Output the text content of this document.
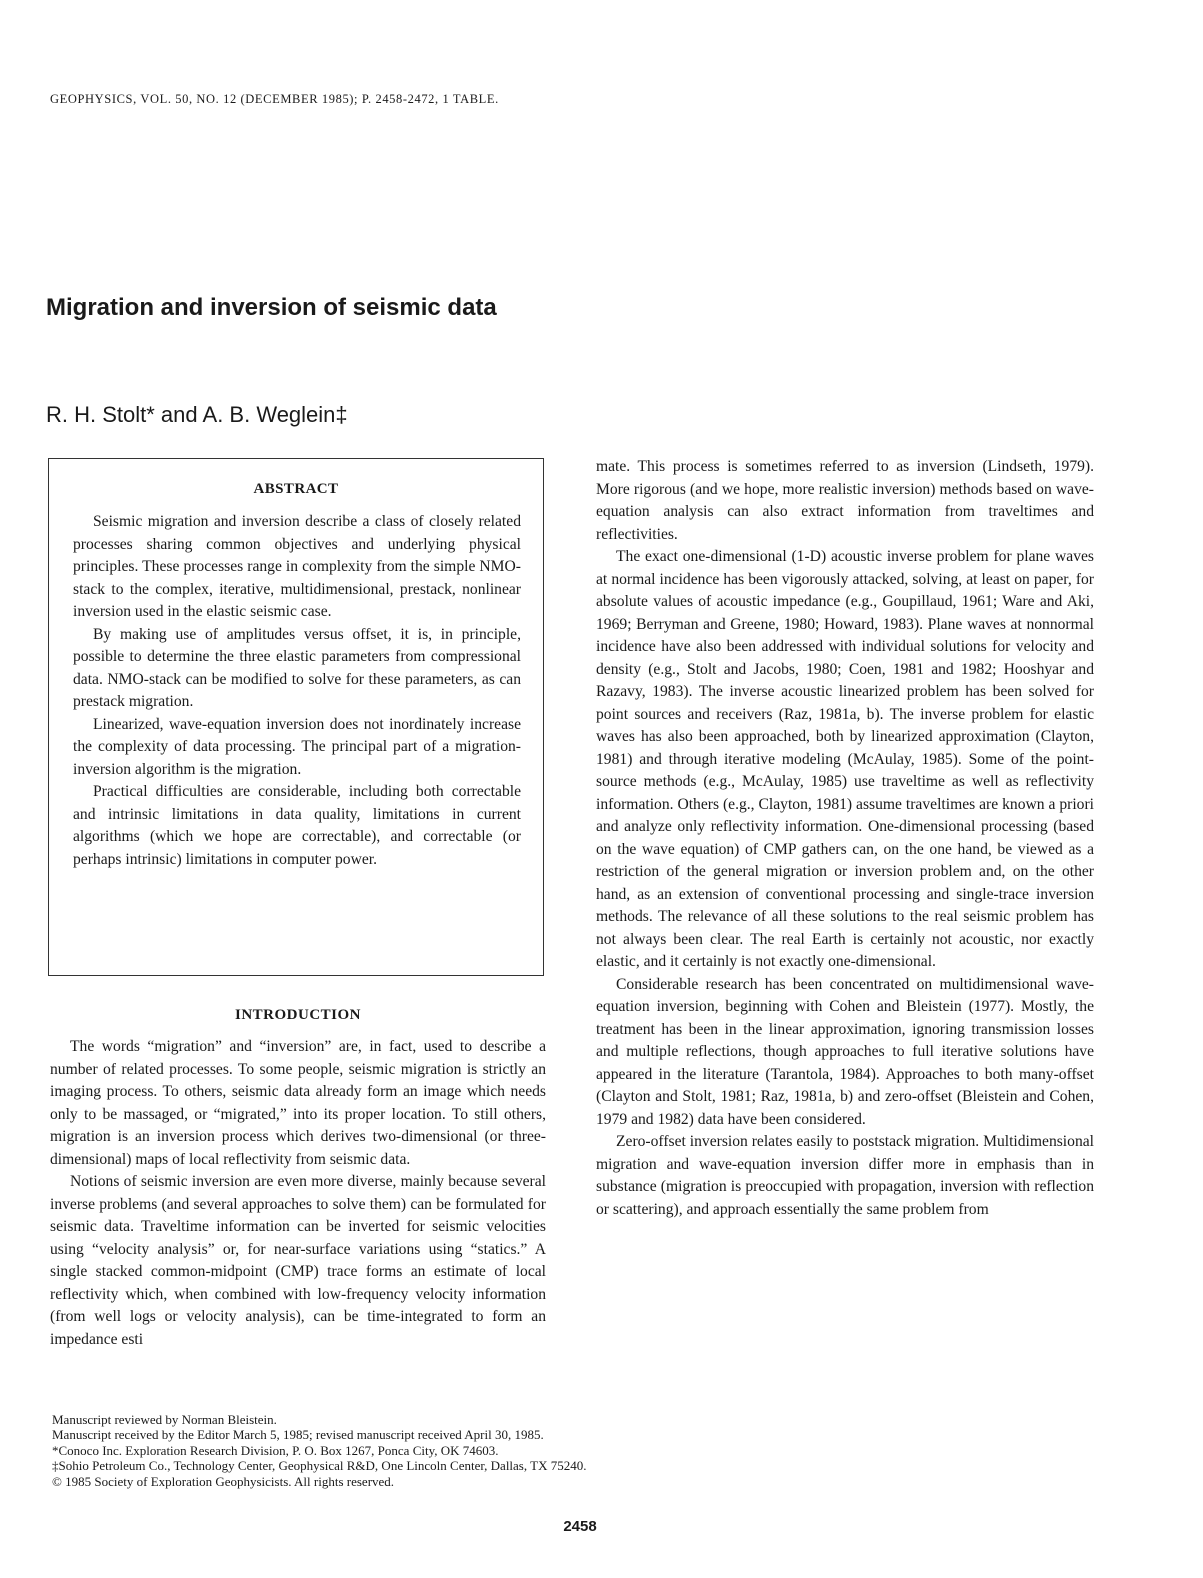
GEOPHYSICS, VOL. 50, NO. 12 (DECEMBER 1985); P. 2458-2472, 1 TABLE.
Migration and inversion of seismic data
R. H. Stolt* and A. B. Weglein‡
ABSTRACT

Seismic migration and inversion describe a class of closely related processes sharing common objectives and underlying physical principles. These processes range in complexity from the simple NMO-stack to the complex, iterative, multidimensional, prestack, nonlinear inversion used in the elastic seismic case.

By making use of amplitudes versus offset, it is, in principle, possible to determine the three elastic parameters from compressional data. NMO-stack can be modified to solve for these parameters, as can prestack migration.

Linearized, wave-equation inversion does not inordinately increase the complexity of data processing. The principal part of a migration-inversion algorithm is the migration.

Practical difficulties are considerable, including both correctable and intrinsic limitations in data quality, limitations in current algorithms (which we hope are correctable), and correctable (or perhaps intrinsic) limitations in computer power.

INTRODUCTION

The words “migration” and “inversion” are, in fact, used to describe a number of related processes. To some people, seismic migration is strictly an imaging process. To others, seismic data already form an image which needs only to be massaged, or “migrated,” into its proper location. To still others, migration is an inversion process which derives two-dimensional (or three-dimensional) maps of local reflectivity from seismic data.

Notions of seismic inversion are even more diverse, mainly because several inverse problems (and several approaches to solve them) can be formulated for seismic data. Traveltime information can be inverted for seismic velocities using “velocity analysis” or, for near-surface variations using “statics.” A single stacked common-midpoint (CMP) trace forms an estimate of local reflectivity which, when combined with low-frequency velocity information (from well logs or velocity analysis), can be time-integrated to form an impedance esti

mate. This process is sometimes referred to as inversion (Lindseth, 1979). More rigorous (and we hope, more realistic inversion) methods based on wave-equation analysis can also extract information from traveltimes and reflectivities.

The exact one-dimensional (1-D) acoustic inverse problem for plane waves at normal incidence has been vigorously attacked, solving, at least on paper, for absolute values of acoustic impedance (e.g., Goupillaud, 1961; Ware and Aki, 1969; Berryman and Greene, 1980; Howard, 1983). Plane waves at nonnormal incidence have also been addressed with individual solutions for velocity and density (e.g., Stolt and Jacobs, 1980; Coen, 1981 and 1982; Hooshyar and Razavy, 1983). The inverse acoustic linearized problem has been solved for point sources and receivers (Raz, 1981a, b). The inverse problem for elastic waves has also been approached, both by linearized approximation (Clayton, 1981) and through iterative modeling (McAulay, 1985). Some of the point-source methods (e.g., McAulay, 1985) use traveltime as well as reflectivity information. Others (e.g., Clayton, 1981) assume traveltimes are known a priori and analyze only reflectivity information. One-dimensional processing (based on the wave equation) of CMP gathers can, on the one hand, be viewed as a restriction of the general migration or inversion problem and, on the other hand, as an extension of conventional processing and single-trace inversion methods. The relevance of all these solutions to the real seismic problem has not always been clear. The real Earth is certainly not acoustic, nor exactly elastic, and it certainly is not exactly one-dimensional.

Considerable research has been concentrated on multidimensional wave-equation inversion, beginning with Cohen and Bleistein (1977). Mostly, the treatment has been in the linear approximation, ignoring transmission losses and multiple reflections, though approaches to full iterative solutions have appeared in the literature (Tarantola, 1984). Approaches to both many-offset (Clayton and Stolt, 1981; Raz, 1981a, b) and zero-offset (Bleistein and Cohen, 1979 and 1982) data have been considered.

Zero-offset inversion relates easily to poststack migration. Multidimensional migration and wave-equation inversion differ more in emphasis than in substance (migration is preoccupied with propagation, inversion with reflection or scattering), and approach essentially the same problem from

Manuscript reviewed by Norman Bleistein.
Manuscript received by the Editor March 5, 1985; revised manuscript received April 30, 1985.
*Conoco Inc. Exploration Research Division, P. O. Box 1267, Ponca City, OK 74603.
‡Sohio Petroleum Co., Technology Center, Geophysical R&D, One Lincoln Center, Dallas, TX 75240.
© 1985 Society of Exploration Geophysicists. All rights reserved.
2458
